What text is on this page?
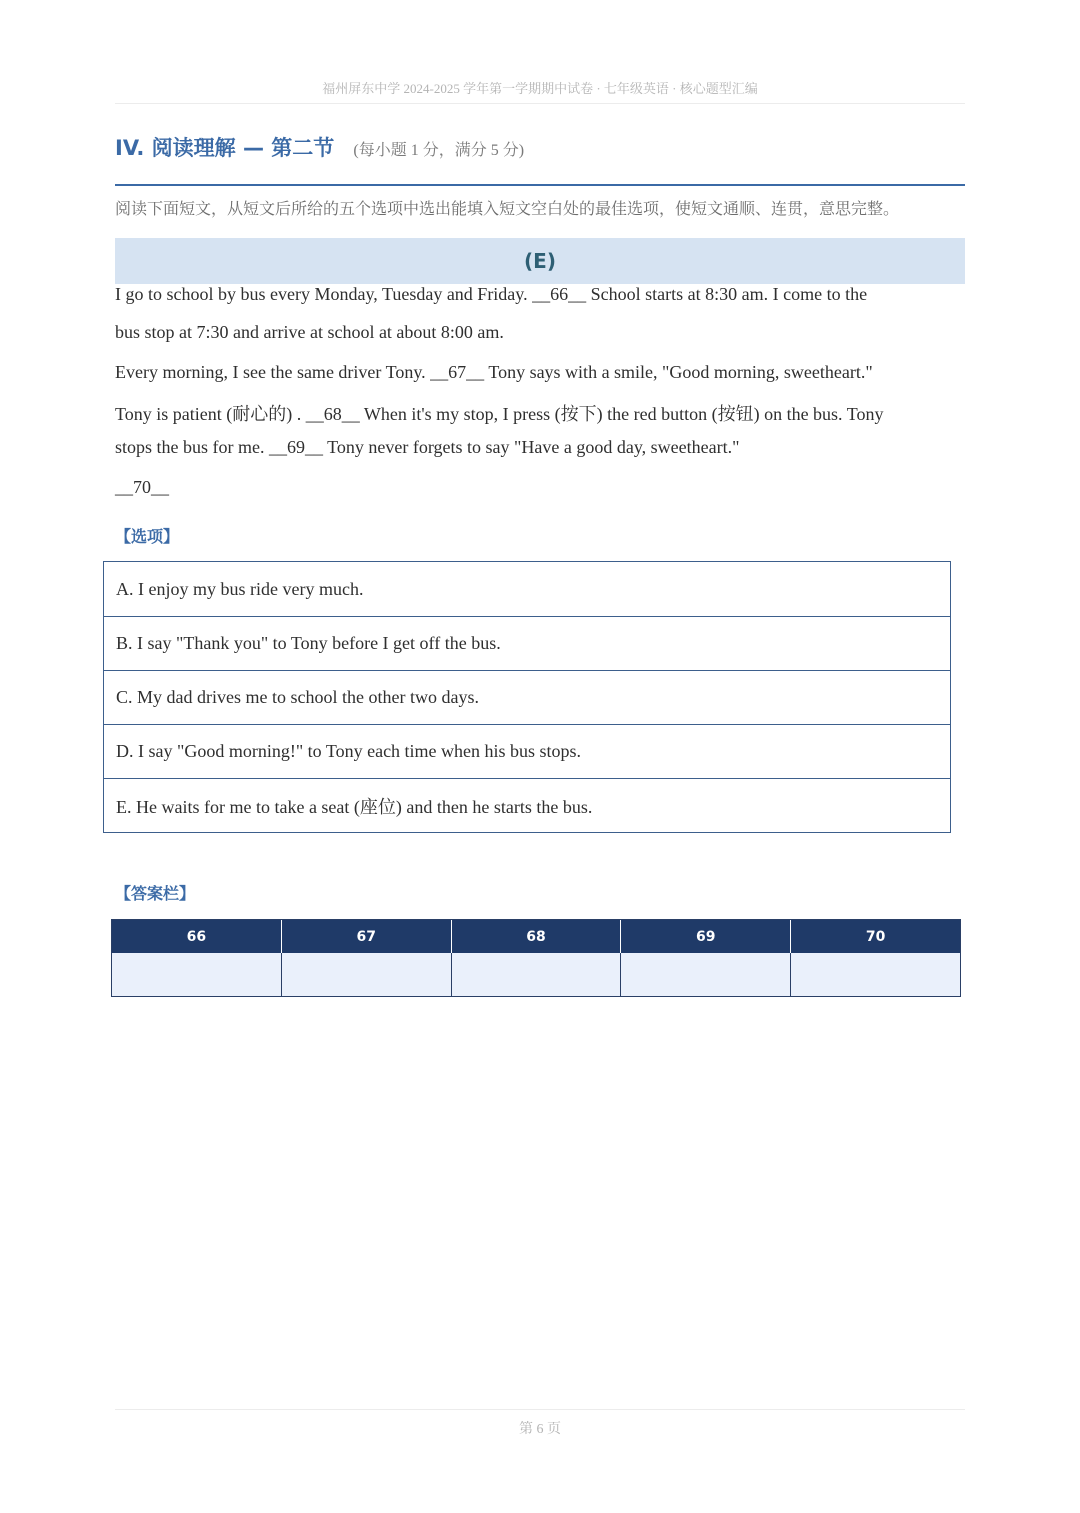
福州屏东中学 2024-2025 学年第一学期期中试卷 · 七年级英语 · 核心题型汇编
IV. 阅读理解 — 第二节 (每小题 1 分，满分 5 分)
阅读下面短文，从短文后所给的五个选项中选出能填入短文空白处的最佳选项，使短文通顺、连贯，意思完整。
(E)
I go to school by bus every Monday, Tuesday and Friday. __66__ School starts at 8:30 am. I come to the
bus stop at 7:30 and arrive at school at about 8:00 am.
Every morning, I see the same driver Tony. __67__ Tony says with a smile, "Good morning, sweetheart."
Tony is patient (耐心的) . __68__ When it's my stop, I press (按下) the red button (按钮) on the bus. Tony
stops the bus for me. __69__ Tony never forgets to say "Have a good day, sweetheart."
__70__
【选项】
A. I enjoy my bus ride very much.
B. I say "Thank you" to Tony before I get off the bus.
C. My dad drives me to school the other two days.
D. I say "Good morning!" to Tony each time when his bus stops.
E. He waits for me to take a seat (座位) and then he starts the bus.
【答案栏】
66	67	68	69	70
第 6 页
